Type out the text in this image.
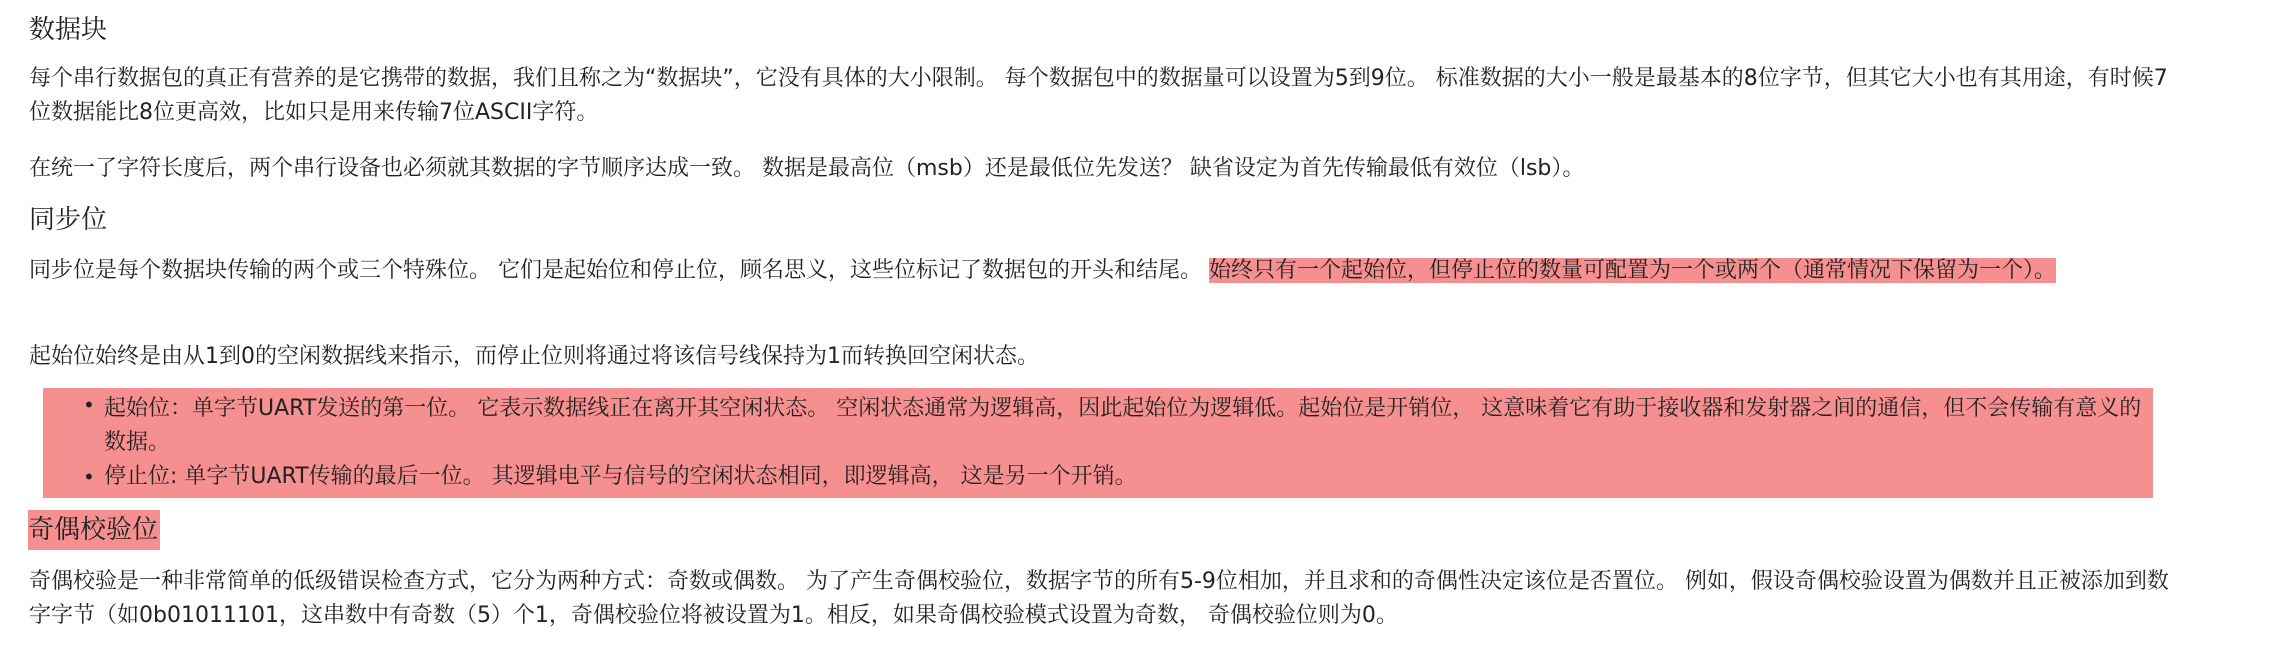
数据块

每个串行数据包的真正有营养的是它携带的数据，我们且称之为“数据块”，它没有具体的大小限制。 每个数据包中的数据量可以设置为5到9位。 标准数据的大小一般是最基本的8位字节，但其它大小也有其用途，有时候7位数据能比8位更高效，比如只是用来传输7位ASCII字符。

在统一了字符长度后，两个串行设备也必须就其数据的字节顺序达成一致。 数据是最高位（msb）还是最低位先发送？ 缺省设定为首先传输最低有效位（lsb）。

同步位

同步位是每个数据块传输的两个或三个特殊位。 它们是起始位和停止位，顾名思义，这些位标记了数据包的开头和结尾。 始终只有一个起始位，但停止位的数量可配置为一个或两个（通常情况下保留为一个）。

起始位始终是由从1到0的空闲数据线来指示，而停止位则将通过将该信号线保持为1而转换回空闲状态。

奇偶校验位

奇偶校验是一种非常简单的低级错误检查方式，它分为两种方式：奇数或偶数。 为了产生奇偶校验位，数据字节的所有5-9位相加，并且求和的奇偶性决定该位是否置位。 例如，假设奇偶校验设置为偶数并且正被添加到数字字节（如0b01011101，这串数中有奇数（5）个1，奇偶校验位将被设置为1。相反，如果奇偶校验模式设置为奇数， 奇偶校验位则为0。

• 起始位：单字节UART发送的第一位。 它表示数据线正在离开其空闲状态。 空闲状态通常为逻辑高，因此起始位为逻辑低。起始位是开销位， 这意味着它有助于接收器和发射器之间的通信，但不会传输有意义的数据。
• 停止位: 单字节UART传输的最后一位。 其逻辑电平与信号的空闲状态相同，即逻辑高， 这是另一个开销。
